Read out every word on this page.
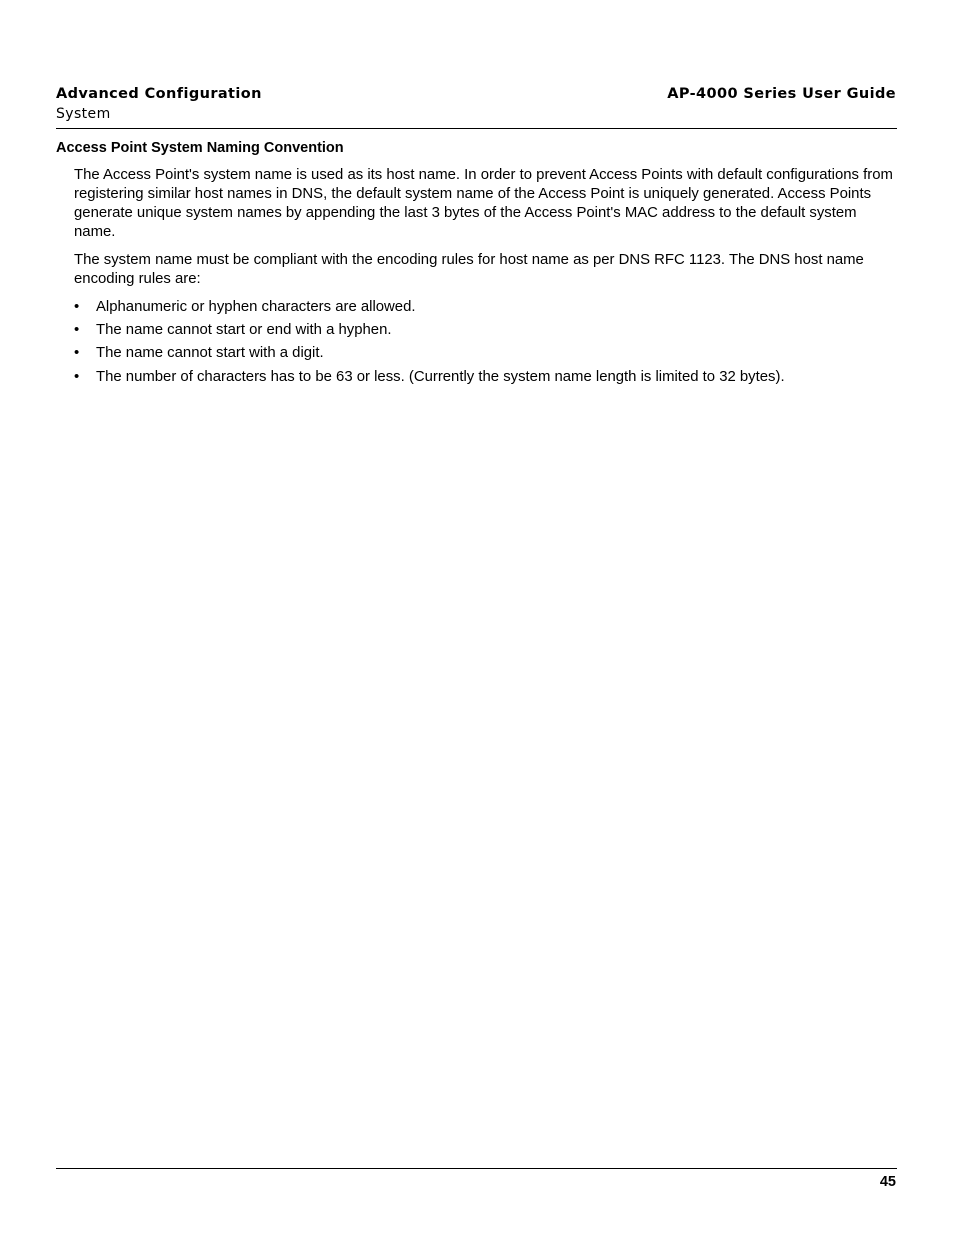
Advanced Configuration
System
AP-4000 Series User Guide
Access Point System Naming Convention

The Access Point's system name is used as its host name. In order to prevent Access Points with default configurations from registering similar host names in DNS, the default system name of the Access Point is uniquely generated. Access Points generate unique system names by appending the last 3 bytes of the Access Point's MAC address to the default system name.

The system name must be compliant with the encoding rules for host name as per DNS RFC 1123. The DNS host name encoding rules are:

• Alphanumeric or hyphen characters are allowed.
• The name cannot start or end with a hyphen.
• The name cannot start with a digit.
• The number of characters has to be 63 or less. (Currently the system name length is limited to 32 bytes).
45
